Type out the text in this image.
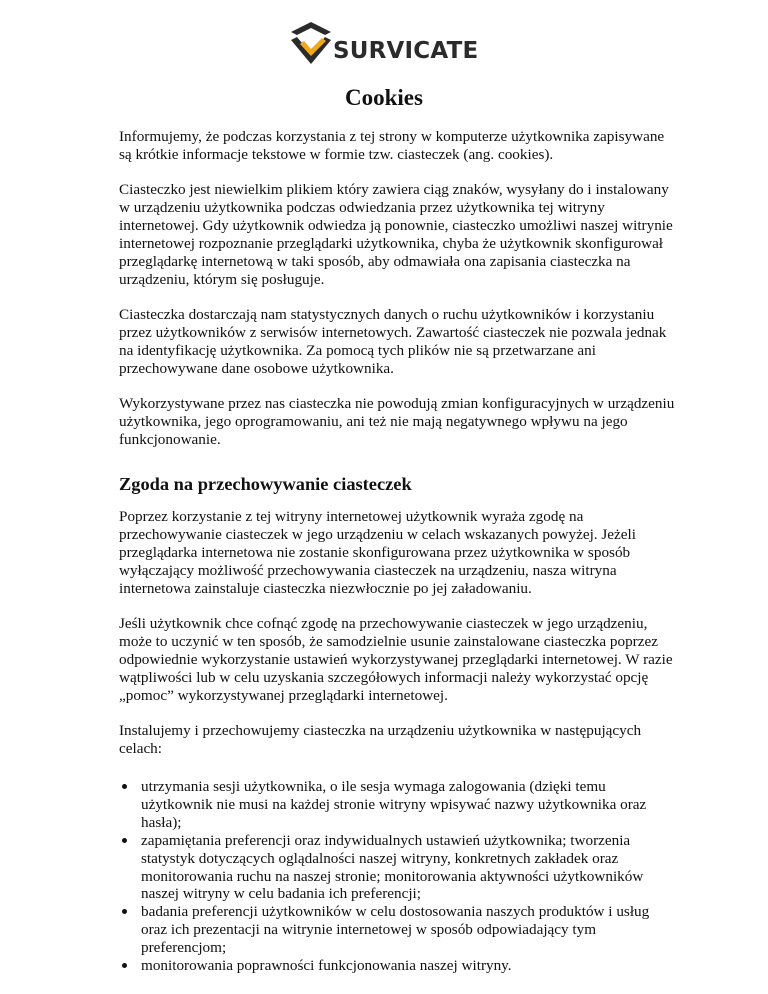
SURVICATE
Cookies

Informujemy, że podczas korzystania z tej strony w komputerze użytkownika zapisywane są krótkie informacje tekstowe w formie tzw. ciasteczek (ang. cookies).

Ciasteczko jest niewielkim plikiem który zawiera ciąg znaków, wysyłany do i instalowany w urządzeniu użytkownika podczas odwiedzania przez użytkownika tej witryny internetowej. Gdy użytkownik odwiedza ją ponownie, ciasteczko umożliwi naszej witrynie internetowej rozpoznanie przeglądarki użytkownika, chyba że użytkownik skonfigurował przeglądarkę internetową w taki sposób, aby odmawiała ona zapisania ciasteczka na urządzeniu, którym się posługuje.

Ciasteczka dostarczają nam statystycznych danych o ruchu użytkowników i korzystaniu przez użytkowników z serwisów internetowych. Zawartość ciasteczek nie pozwala jednak na identyfikację użytkownika. Za pomocą tych plików nie są przetwarzane ani przechowywane dane osobowe użytkownika.

Wykorzystywane przez nas ciasteczka nie powodują zmian konfiguracyjnych w urządzeniu użytkownika, jego oprogramowaniu, ani też nie mają negatywnego wpływu na jego funkcjonowanie.

Zgoda na przechowywanie ciasteczek

Poprzez korzystanie z tej witryny internetowej użytkownik wyraża zgodę na przechowywanie ciasteczek w jego urządzeniu w celach wskazanych powyżej. Jeżeli przeglądarka internetowa nie zostanie skonfigurowana przez użytkownika w sposób wyłączający możliwość przechowywania ciasteczek na urządzeniu, nasza witryna internetowa zainstaluje ciasteczka niezwłocznie po jej załadowaniu.

Jeśli użytkownik chce cofnąć zgodę na przechowywanie ciasteczek w jego urządzeniu, może to uczynić w ten sposób, że samodzielnie usunie zainstalowane ciasteczka poprzez odpowiednie wykorzystanie ustawień wykorzystywanej przeglądarki internetowej. W razie wątpliwości lub w celu uzyskania szczegółowych informacji należy wykorzystać opcję „pomoc” wykorzystywanej przeglądarki internetowej.

Instalujemy i przechowujemy ciasteczka na urządzeniu użytkownika w następujących celach:

utrzymania sesji użytkownika, o ile sesja wymaga zalogowania (dzięki temu użytkownik nie musi na każdej stronie witryny wpisywać nazwy użytkownika oraz hasła);
zapamiętania preferencji oraz indywidualnych ustawień użytkownika; tworzenia statystyk dotyczących oglądalności naszej witryny, konkretnych zakładek oraz monitorowania ruchu na naszej stronie; monitorowania aktywności użytkowników naszej witryny w celu badania ich preferencji;
badania preferencji użytkowników w celu dostosowania naszych produktów i usług oraz ich prezentacji na witrynie internetowej w sposób odpowiadający tym preferencjom;
monitorowania poprawności funkcjonowania naszej witryny.
